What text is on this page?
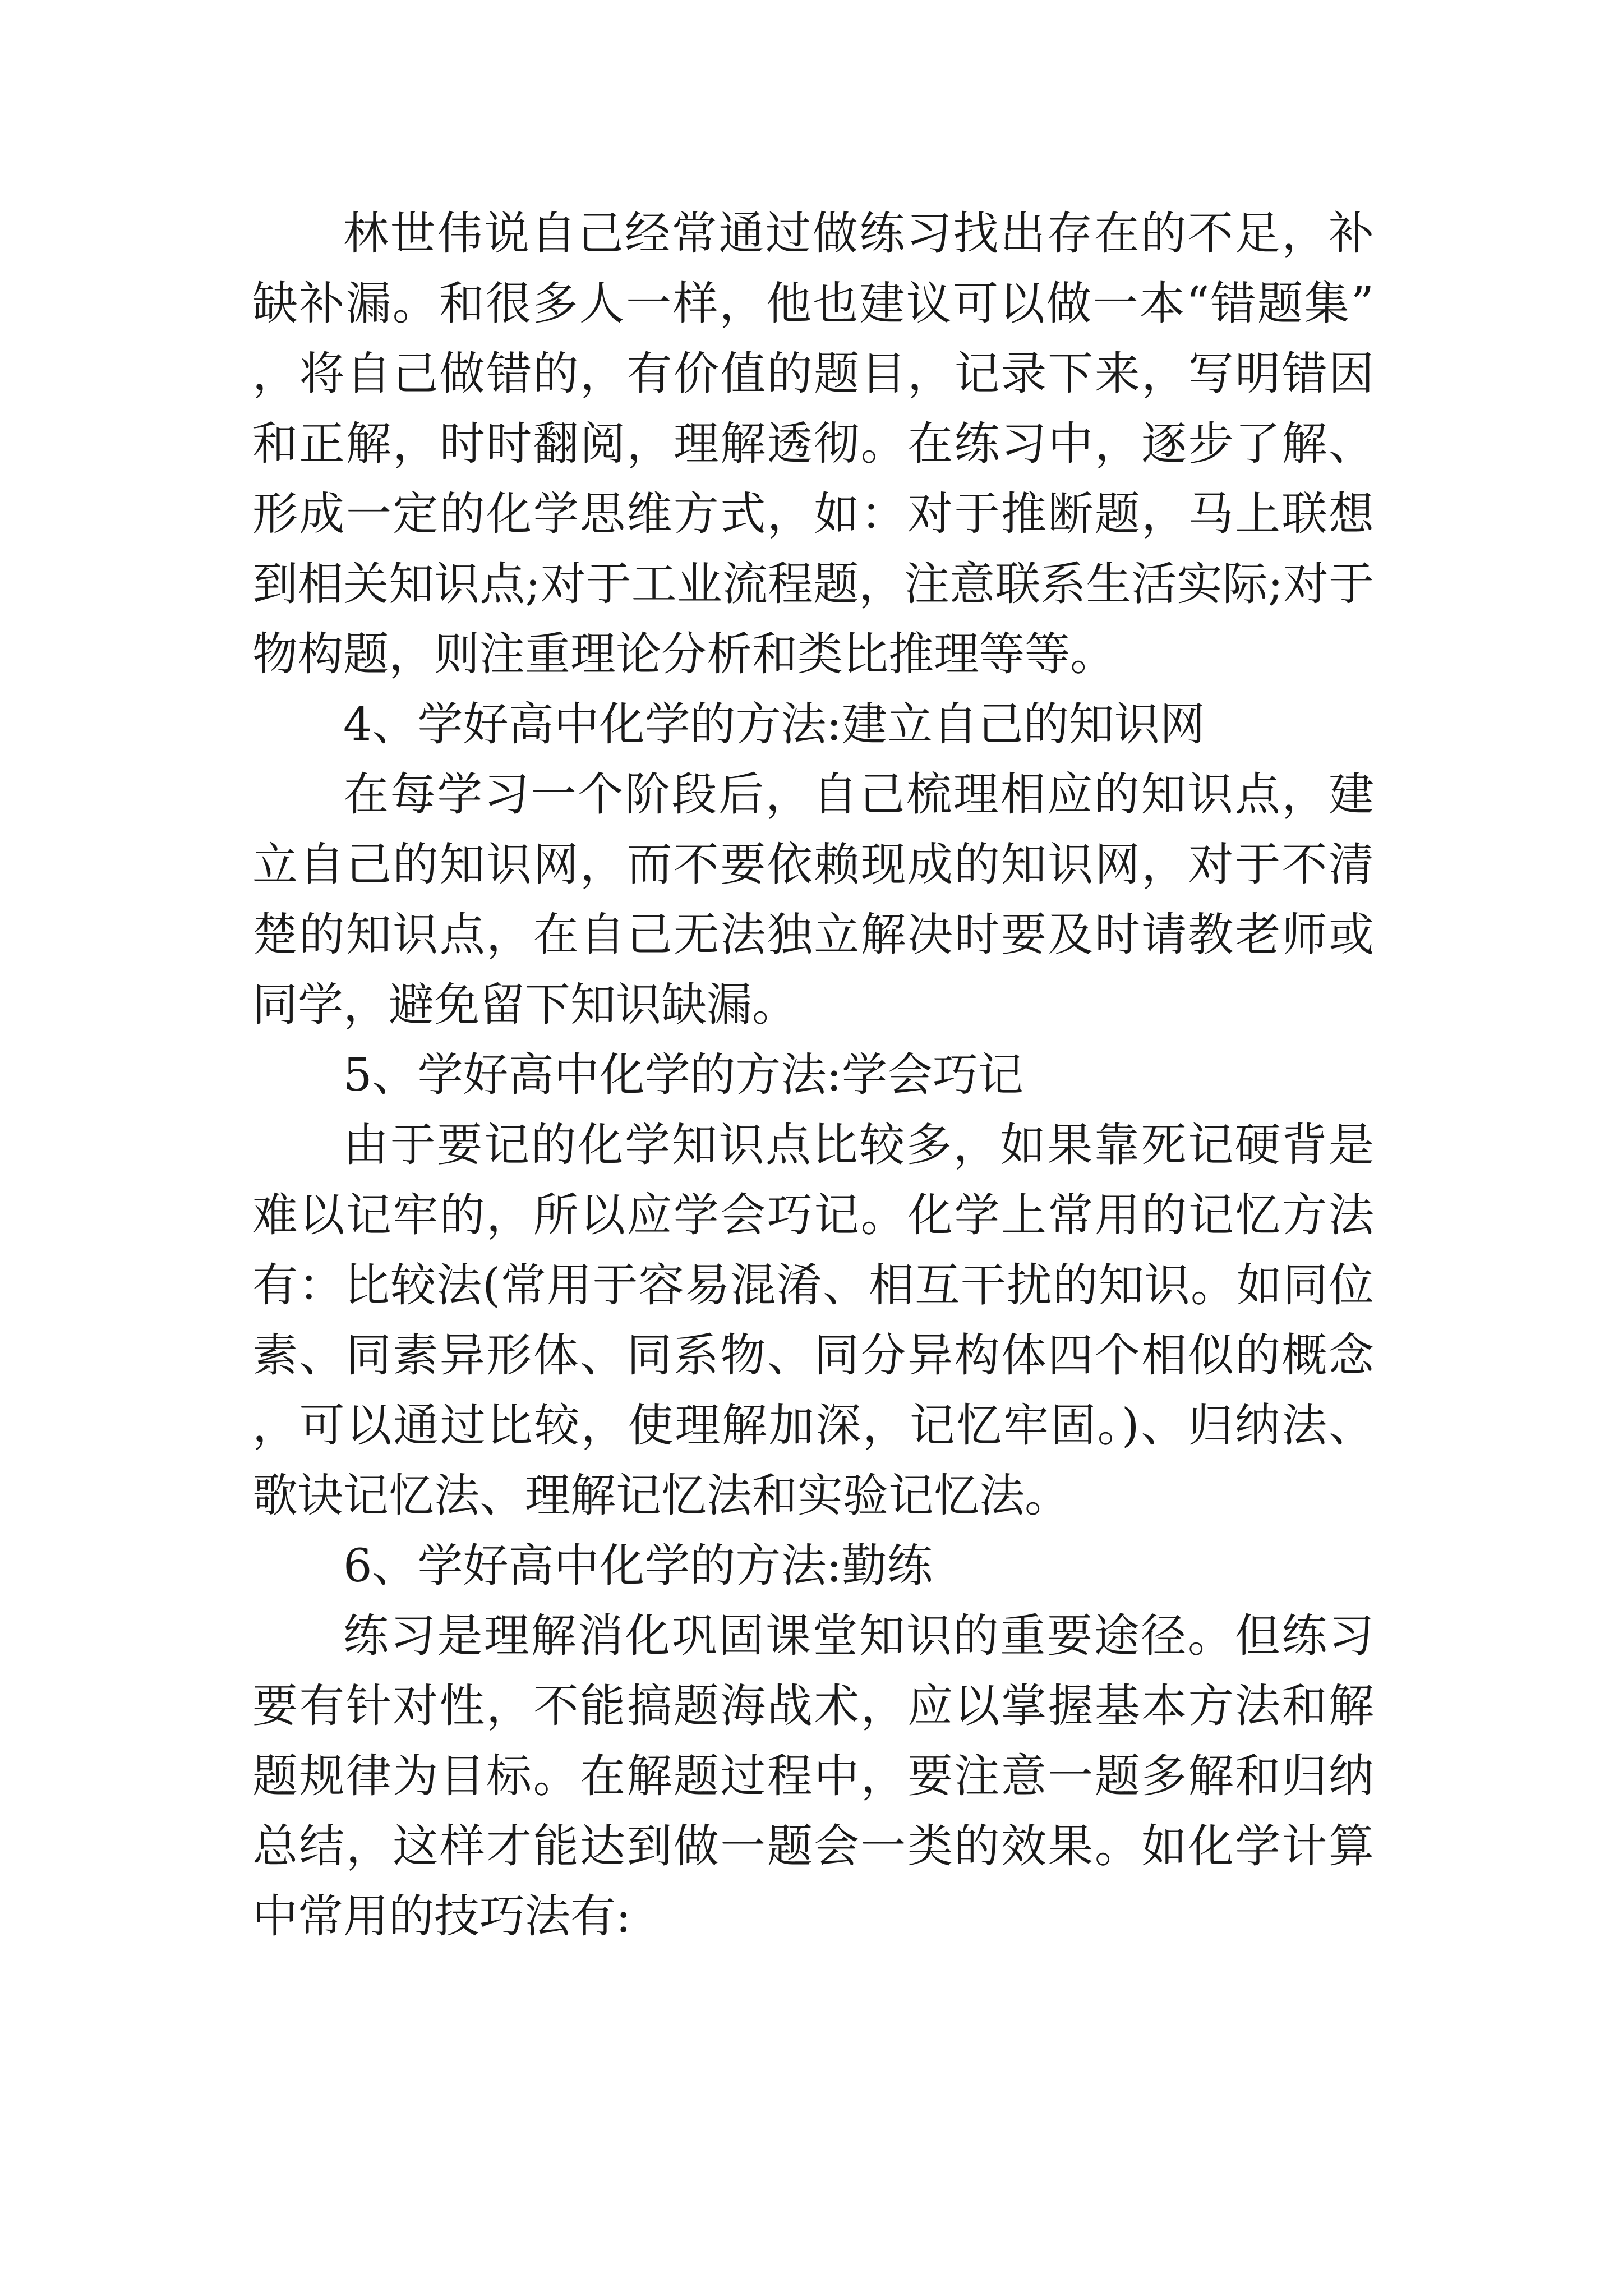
林世伟说自己经常通过做练习找出存在的不足，补缺补漏。和很多人一样，他也建议可以做一本“错题集”，将自己做错的，有价值的题目，记录下来，写明错因和正解，时时翻阅，理解透彻。在练习中，逐步了解、形成一定的化学思维方式，如：对于推断题，马上联想到相关知识点;对于工业流程题，注意联系生活实际;对于物构题，则注重理论分析和类比推理等等。

4、学好高中化学的方法:建立自己的知识网

在每学习一个阶段后，自己梳理相应的知识点，建立自己的知识网，而不要依赖现成的知识网，对于不清楚的知识点，在自己无法独立解决时要及时请教老师或同学，避免留下知识缺漏。

5、学好高中化学的方法:学会巧记

由于要记的化学知识点比较多，如果靠死记硬背是难以记牢的，所以应学会巧记。化学上常用的记忆方法有：比较法(常用于容易混淆、相互干扰的知识。如同位素、同素异形体、同系物、同分异构体四个相似的概念，可以通过比较，使理解加深，记忆牢固。)、归纳法、歌诀记忆法、理解记忆法和实验记忆法。

6、学好高中化学的方法:勤练

练习是理解消化巩固课堂知识的重要途径。但练习要有针对性，不能搞题海战术，应以掌握基本方法和解题规律为目标。在解题过程中，要注意一题多解和归纳总结，这样才能达到做一题会一类的效果。如化学计算中常用的技巧法有:
